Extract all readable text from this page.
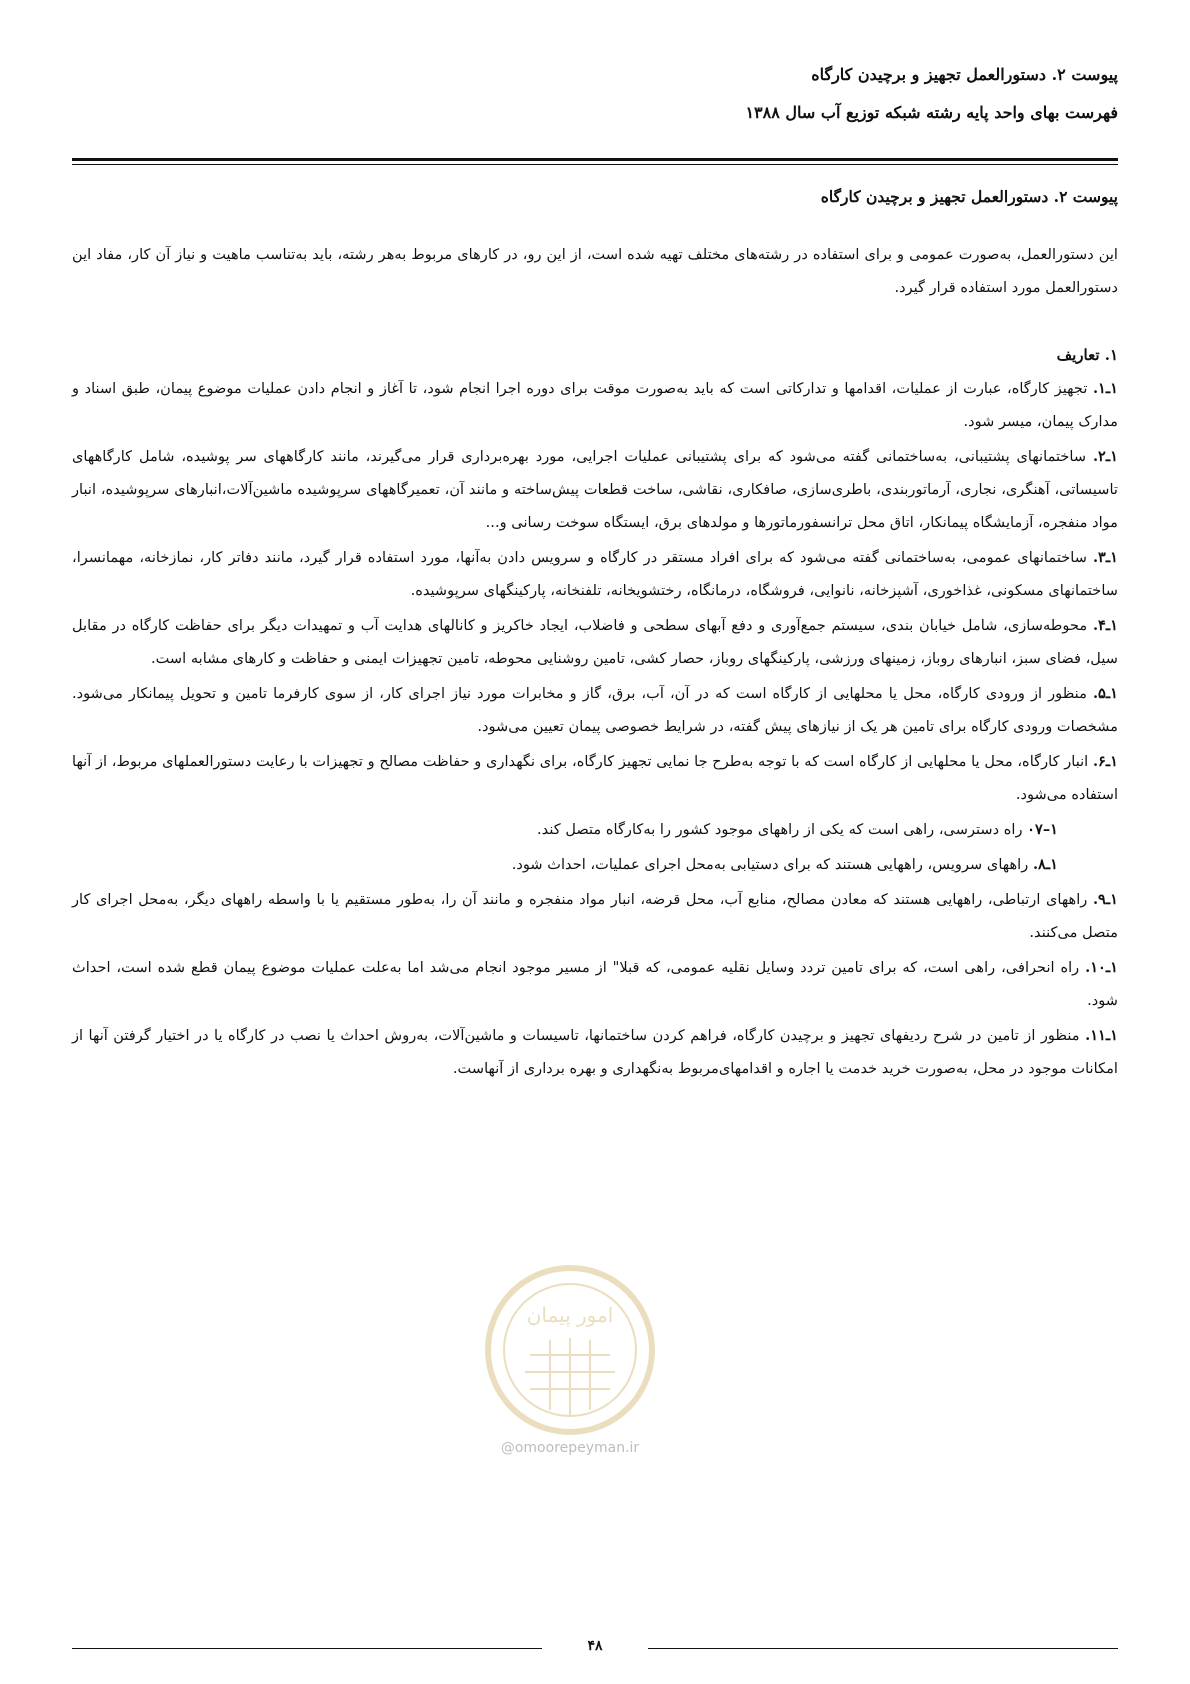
پیوست ۲. دستورالعمل تجهیز و برچیدن کارگاه
فهرست بهای واحد پایه رشته شبکه توزیع آب سال ۱۳۸۸
پیوست ۲. دستورالعمل تجهیز و برچیدن کارگاه

این دستورالعمل، به‌صورت عمومی و برای استفاده در رشته‌های مختلف تهیه شده است، از این رو، در کارهای مربوط به‌هر رشته، باید به‌تناسب ماهیت و نیاز آن کار، مفاد این دستورالعمل مورد استفاده قرار گیرد.

۱. تعاریف

۱ـ۱. تجهیز کارگاه، عبارت از عملیات، اقدامها و تدارکاتی است که باید به‌صورت موقت برای دوره اجرا انجام شود، تا آغاز و انجام دادن عملیات موضوع پیمان، طبق اسناد و مدارک پیمان، میسر شود.

۱ـ۲. ساختمانهای پشتیبانی، به‌ساختمانی گفته می‌شود که برای پشتیبانی عملیات اجرایی، مورد بهره‌برداری قرار می‌گیرند، مانند کارگاههای سر پوشیده، شامل کارگاههای تاسیساتی، آهنگری، نجاری، آرماتوربندی، باطری‌سازی، صافکاری، نقاشی، ساخت قطعات پیش‌ساخته و مانند آن، تعمیرگاههای سرپوشیده ماشین‌آلات،انبارهای سرپوشیده، انبار مواد منفجره، آزمایشگاه پیمانکار، اتاق محل ترانسفورماتورها و مولدهای برق، ایستگاه سوخت رسانی و...

۱ـ۳. ساختمانهای عمومی، به‌ساختمانی گفته می‌شود که برای افراد مستقر در کارگاه و سرویس دادن به‌آنها، مورد استفاده قرار گیرد، مانند دفاتر کار، نمازخانه، مهمانسرا، ساختمانهای مسکونی، غذاخوری، آشپزخانه، نانوایی، فروشگاه، درمانگاه، رختشویخانه، تلفنخانه، پارکینگهای سرپوشیده.

۱ـ۴. محوطه‌سازی، شامل خیابان بندی، سیستم جمع‌آوری و دفع آبهای سطحی و فاضلاب، ایجاد خاکریز و کانالهای هدایت آب و تمهیدات دیگر برای حفاظت کارگاه در مقابل سیل، فضای سبز، انبارهای روباز، زمینهای ورزشی، پارکینگهای روباز، حصار کشی، تامین روشنایی محوطه، تامین تجهیزات ایمنی و حفاظت و کارهای مشابه است.

۱ـ۵. منظور از ورودی کارگاه، محل یا محلهایی از کارگاه است که در آن، آب، برق، گاز و مخابرات مورد نیاز اجرای کار، از سوی کارفرما تامین و تحویل پیمانکار می‌شود. مشخصات ورودی کارگاه برای تامین هر یک از نیازهای پیش گفته، در شرایط خصوصی پیمان تعیین می‌شود.

۱ـ۶. انبار کارگاه، محل یا محلهایی از کارگاه است که با توجه به‌طرح جا نمایی تجهیز کارگاه، برای نگهداری و حفاظت مصالح و تجهیزات با رعایت دستورالعملهای مربوط، از آنها استفاده می‌شود.

۱–۰۷ راه دسترسی، راهی است که یکی از راههای موجود کشور را به‌کارگاه متصل کند.

۱ـ۸. راههای سرویس، راههایی هستند که برای دستیابی به‌محل اجرای عملیات، احداث شود.

۱ـ۹. راههای ارتباطی، راههایی هستند که معادن مصالح، منابع آب، محل قرضه، انبار مواد منفجره و مانند آن را، به‌طور مستقیم یا با واسطه راههای دیگر، به‌محل اجرای کار متصل می‌کنند.

۱ـ۱۰. راه انحرافی، راهی است، که برای تامین تردد وسایل نقلیه عمومی، که قبلا" از مسیر موجود انجام می‌شد اما به‌علت عملیات موضوع پیمان قطع شده است، احداث شود.

۱ـ۱۱. منظور از تامین در شرح ردیفهای تجهیز و برچیدن کارگاه، فراهم کردن ساختمانها، تاسیسات و ماشین‌آلات، به‌روش احداث یا نصب در کارگاه یا در اختیار گرفتن آنها از امکانات موجود در محل، به‌صورت خرید خدمت یا اجاره و اقدامهای‌مربوط به‌نگهداری و بهره برداری از آنهاست.

امور پیمان
@omoorepeyman.ir
۴۸
